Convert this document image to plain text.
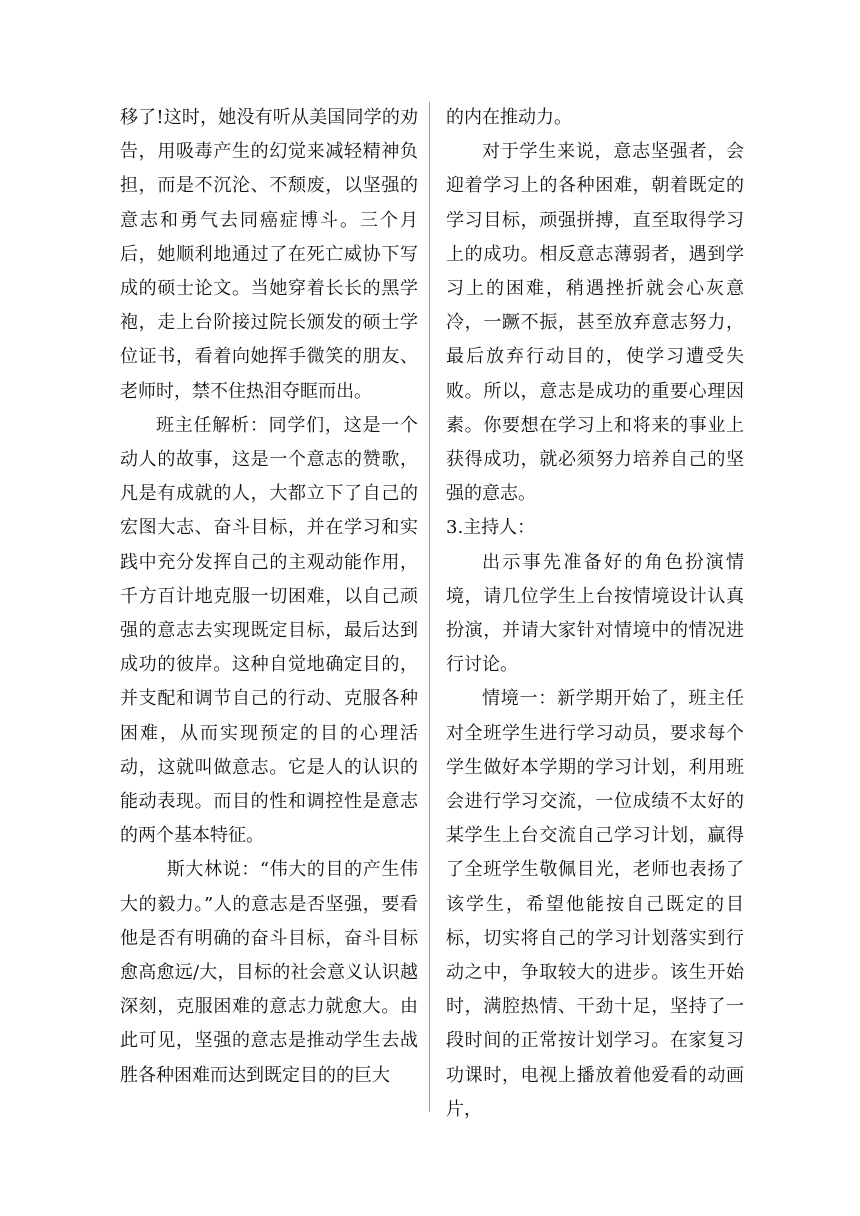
移了!这时，她没有听从美国同学的劝告，用吸毒产生的幻觉来减轻精神负担，而是不沉沦、不颓废，以坚强的意志和勇气去同癌症博斗。三个月后，她顺利地通过了在死亡威协下写成的硕士论文。当她穿着长长的黑学袍，走上台阶接过院长颁发的硕士学位证书，看着向她挥手微笑的朋友、老师时，禁不住热泪夺眶而出。

班主任解析：同学们，这是一个动人的故事，这是一个意志的赞歌，凡是有成就的人，大都立下了自己的宏图大志、奋斗目标，并在学习和实践中充分发挥自己的主观动能作用，千方百计地克服一切困难，以自己顽强的意志去实现既定目标，最后达到成功的彼岸。这种自觉地确定目的，并支配和调节自己的行动、克服各种困难，从而实现预定的目的心理活动，这就叫做意志。它是人的认识的能动表现。而目的性和调控性是意志的两个基本特征。

斯大林说：“伟大的目的产生伟大的毅力。”人的意志是否坚强，要看他是否有明确的奋斗目标，奋斗目标愈高愈远/大，目标的社会意义认识越深刻，克服困难的意志力就愈大。由此可见，坚强的意志是推动学生去战胜各种困难而达到既定目的的巨大

的内在推动力。

对于学生来说，意志坚强者，会迎着学习上的各种困难，朝着既定的学习目标，顽强拼搏，直至取得学习上的成功。相反意志薄弱者，遇到学习上的困难，稍遇挫折就会心灰意冷，一蹶不振，甚至放弃意志努力，最后放弃行动目的，使学习遭受失败。所以，意志是成功的重要心理因素。你要想在学习上和将来的事业上获得成功，就必须努力培养自己的坚强的意志。

3.主持人：

出示事先准备好的角色扮演情境，请几位学生上台按情境设计认真扮演，并请大家针对情境中的情况进行讨论。

情境一：新学期开始了，班主任对全班学生进行学习动员，要求每个学生做好本学期的学习计划，利用班会进行学习交流，一位成绩不太好的某学生上台交流自己学习计划，赢得了全班学生敬佩目光，老师也表扬了该学生，希望他能按自己既定的目标，切实将自己的学习计划落实到行动之中，争取较大的进步。该生开始时，满腔热情、干劲十足，坚持了一段时间的正常按计划学习。在家复习功课时，电视上播放着他爱看的动画片，
